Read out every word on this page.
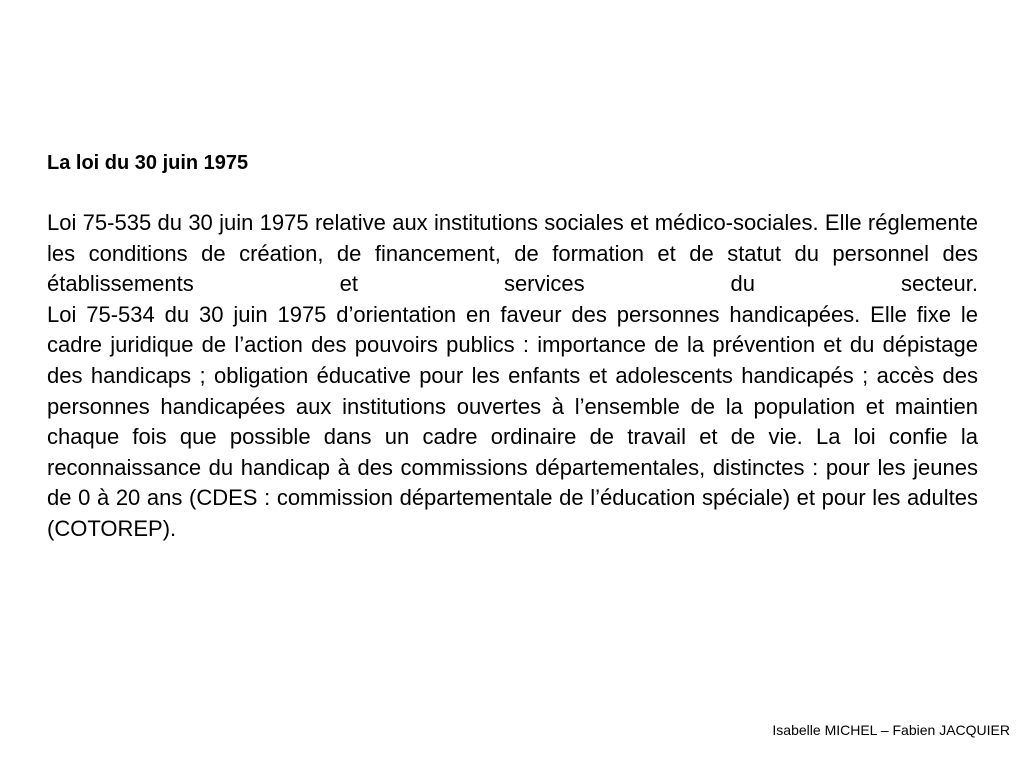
La loi du 30 juin 1975
Loi 75-535 du 30 juin 1975 relative aux institutions sociales et médico-sociales. Elle réglemente les conditions de création, de financement, de formation et de statut du personnel des établissements et services du secteur.
Loi 75-534 du 30 juin 1975 d’orientation en faveur des personnes handicapées. Elle fixe le cadre juridique de l’action des pouvoirs publics : importance de la prévention et du dépistage des handicaps ; obligation éducative pour les enfants et adolescents handicapés ; accès des personnes handicapées aux institutions ouvertes à l’ensemble de la population et maintien chaque fois que possible dans un cadre ordinaire de travail et de vie. La loi confie la reconnaissance du handicap à des commissions départementales, distinctes : pour les jeunes de 0 à 20 ans (CDES : commission départementale de l’éducation spéciale) et pour les adultes (COTOREP).
Isabelle MICHEL – Fabien JACQUIER
